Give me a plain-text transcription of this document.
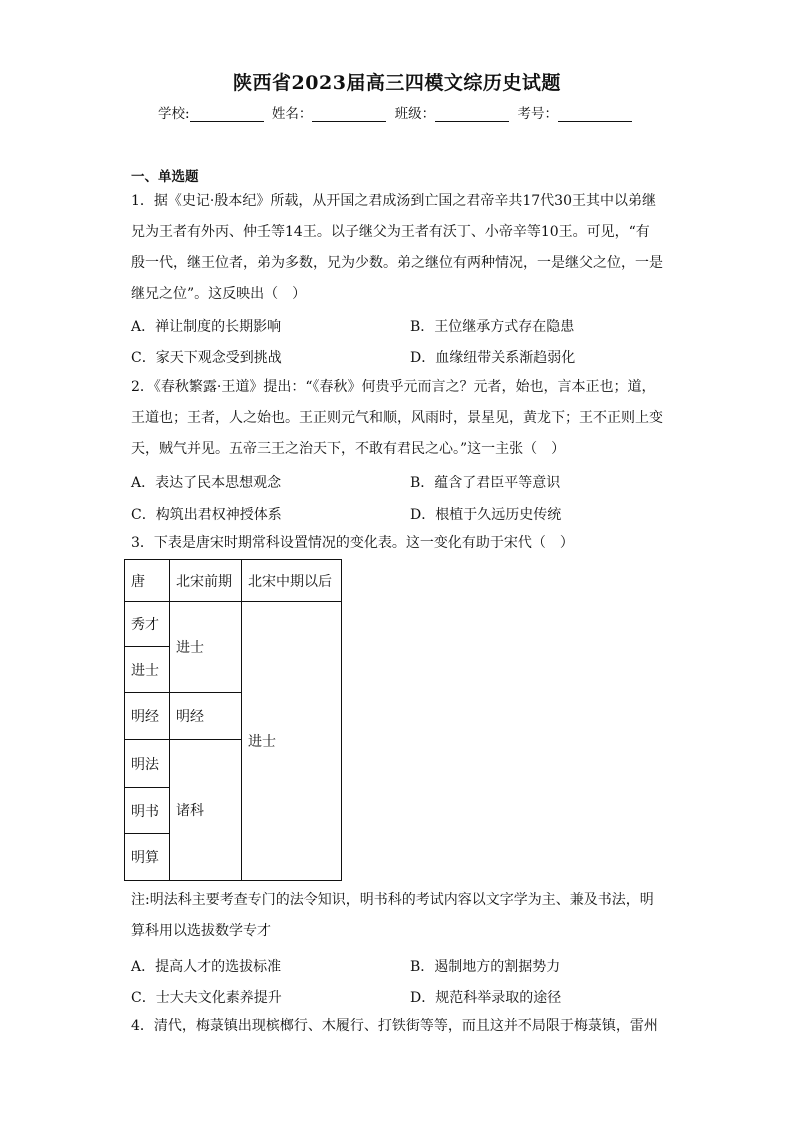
陕西省2023届高三四模文综历史试题
学校:	姓名：	班级：	考号：
一、单选题
1．据《史记·殷本纪》所载，从开国之君成汤到亡国之君帝辛共17代30王其中以弟继
兄为王者有外丙、仲壬等14王。以子继父为王者有沃丁、小帝辛等10王。可见，“有
殷一代，继王位者，弟为多数，兄为少数。弟之继位有两种情况，一是继父之位，一是
继兄之位”。这反映出（　）
A．禅让制度的长期影响	B．王位继承方式存在隐患
C．家天下观念受到挑战	D．血缘纽带关系渐趋弱化
2．《春秋繁露·王道》提出：“《春秋》何贵乎元而言之？元者，始也，言本正也；道，
王道也；王者，人之始也。王正则元气和顺，风雨时，景星见，黄龙下；王不正则上变
天，贼气并见。五帝三王之治天下，不敢有君民之心。”这一主张（　）
A．表达了民本思想观念	B．蕴含了君臣平等意识
C．构筑出君权神授体系	D．根植于久远历史传统
3．下表是唐宋时期常科设置情况的变化表。这一变化有助于宋代（　）
唐	北宋前期	北宋中期以后
秀才	进士	进士
进士		
明经	明经	
明法	诸科	
明书		
明算		
注:明法科主要考查专门的法令知识，明书科的考试内容以文字学为主、兼及书法，明
算科用以选拔数学专才
A．提高人才的选拔标准	B．遏制地方的割据势力
C．士大夫文化素养提升	D．规范科举录取的途径
4．清代，梅菉镇出现槟榔行、木履行、打铁街等等，而且这并不局限于梅菉镇，雷州
